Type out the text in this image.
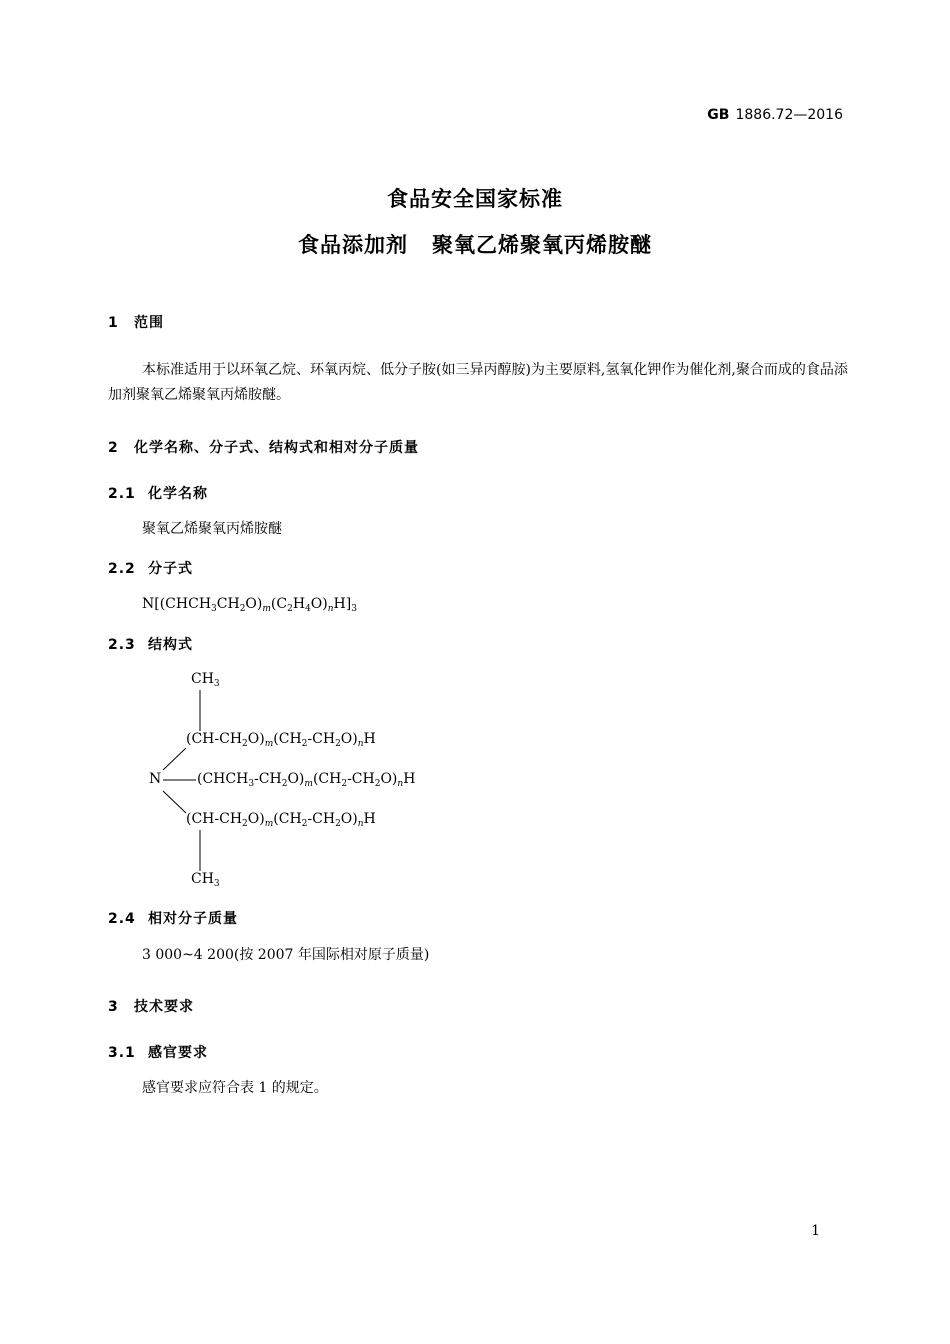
GB 1886.72—2016
食品安全国家标准
食品添加剂 聚氧乙烯聚氧丙烯胺醚
1 范围
本标准适用于以环氧乙烷、环氧丙烷、低分子胺(如三异丙醇胺)为主要原料,氢氧化钾作为催化剂,聚合而成的食品添加剂聚氧乙烯聚氧丙烯胺醚。
2 化学名称、分子式、结构式和相对分子质量
2.1 化学名称
聚氧乙烯聚氧丙烯胺醚
2.2 分子式
$N[(CHCH_3CH_2O)_m(C_2H_4O)_nH]_3$
2.3 结构式
$CH_3$
$(CH-CH_2O)_m(CH_2-CH_2O)_nH$
N	$(CHCH_3-CH_2O)_m(CH_2-CH_2O)_nH$
$(CH-CH_2O)_m(CH_2-CH_2O)_nH$
$CH_3$
2.4 相对分子质量
3 000~4 200(按 2007 年国际相对原子质量)
3 技术要求
3.1 感官要求
感官要求应符合表 1 的规定。
1
